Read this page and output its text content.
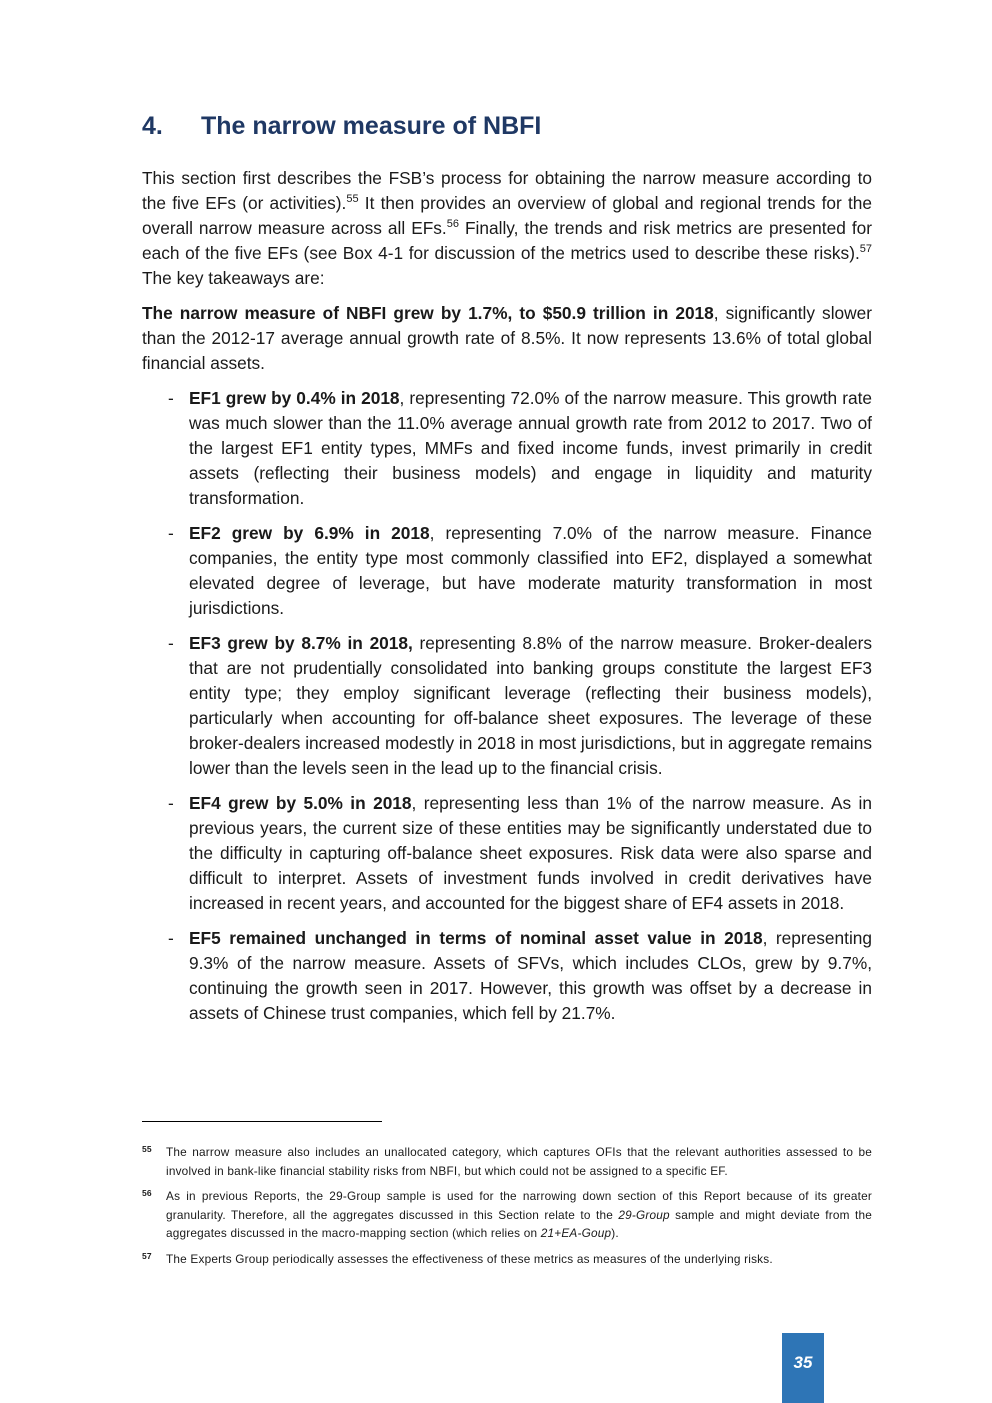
4. The narrow measure of NBFI

This section first describes the FSB’s process for obtaining the narrow measure according to the five EFs (or activities).$^{55}$ It then provides an overview of global and regional trends for the overall narrow measure across all EFs.$^{56}$ Finally, the trends and risk metrics are presented for each of the five EFs (see Box 4-1 for discussion of the metrics used to describe these risks).$^{57}$ The key takeaways are:

The narrow measure of NBFI grew by 1.7%, to $50.9 trillion in 2018, significantly slower than the 2012-17 average annual growth rate of 8.5%. It now represents 13.6% of total global financial assets.

- EF1 grew by 0.4% in 2018, representing 72.0% of the narrow measure. This growth rate was much slower than the 11.0% average annual growth rate from 2012 to 2017. Two of the largest EF1 entity types, MMFs and fixed income funds, invest primarily in credit assets (reflecting their business models) and engage in liquidity and maturity transformation.
- EF2 grew by 6.9% in 2018, representing 7.0% of the narrow measure. Finance companies, the entity type most commonly classified into EF2, displayed a somewhat elevated degree of leverage, but have moderate maturity transformation in most jurisdictions.
- EF3 grew by 8.7% in 2018, representing 8.8% of the narrow measure. Broker-dealers that are not prudentially consolidated into banking groups constitute the largest EF3 entity type; they employ significant leverage (reflecting their business models), particularly when accounting for off-balance sheet exposures. The leverage of these broker-dealers increased modestly in 2018 in most jurisdictions, but in aggregate remains lower than the levels seen in the lead up to the financial crisis.
- EF4 grew by 5.0% in 2018, representing less than 1% of the narrow measure. As in previous years, the current size of these entities may be significantly understated due to the difficulty in capturing off-balance sheet exposures. Risk data were also sparse and difficult to interpret. Assets of investment funds involved in credit derivatives have increased in recent years, and accounted for the biggest share of EF4 assets in 2018.
- EF5 remained unchanged in terms of nominal asset value in 2018, representing 9.3% of the narrow measure. Assets of SFVs, which includes CLOs, grew by 9.7%, continuing the growth seen in 2017. However, this growth was offset by a decrease in assets of Chinese trust companies, which fell by 21.7%.
55 The narrow measure also includes an unallocated category, which captures OFIs that the relevant authorities assessed to be involved in bank-like financial stability risks from NBFI, but which could not be assigned to a specific EF.
56 As in previous Reports, the 29-Group sample is used for the narrowing down section of this Report because of its greater granularity. Therefore, all the aggregates discussed in this Section relate to the 29-Group sample and might deviate from the aggregates discussed in the macro-mapping section (which relies on 21+EA-Goup).
57 The Experts Group periodically assesses the effectiveness of these metrics as measures of the underlying risks.
35
